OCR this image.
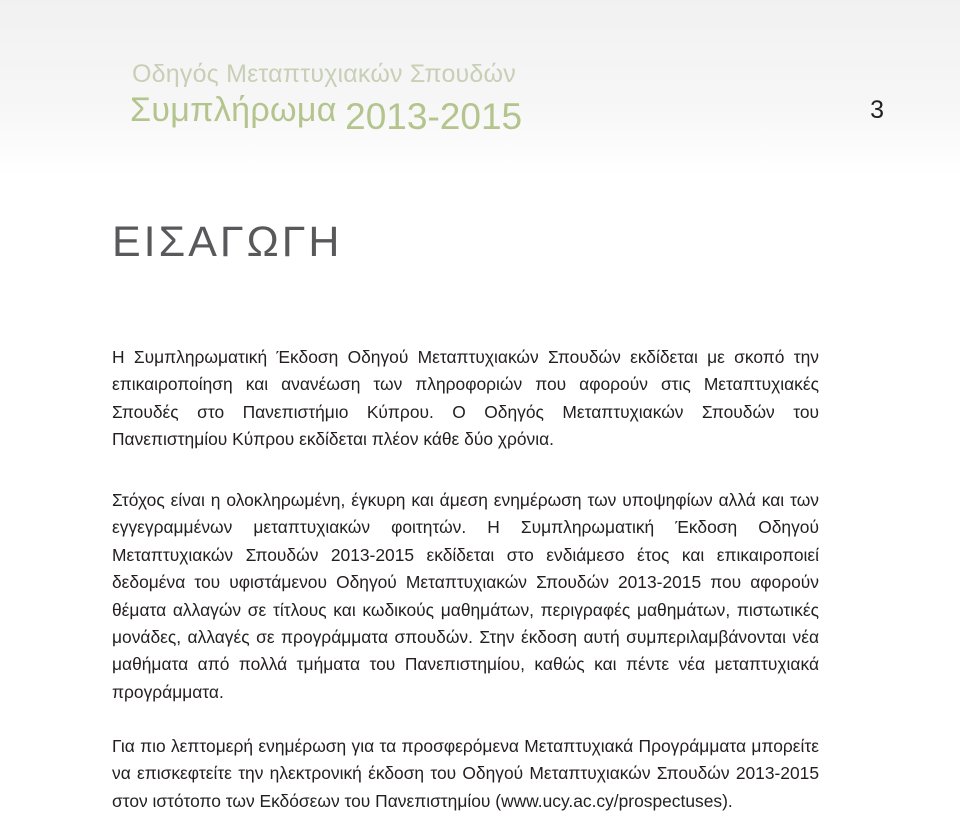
Οδηγός Μεταπτυχιακών Σπουδών
Συμπλήρωμα 2013-2015	3
ΕΙΣΑΓΩΓΗ

Η Συμπληρωματική Έκδοση Οδηγού Μεταπτυχιακών Σπουδών εκδίδεται με σκοπό την επικαιροποίηση και ανανέωση των πληροφοριών που αφορούν στις Μεταπτυχιακές Σπουδές στο Πανεπιστήμιο Κύπρου. Ο Οδηγός Μεταπτυχιακών Σπουδών του Πανεπιστημίου Κύπρου εκδίδεται πλέον κάθε δύο χρόνια.

Στόχος είναι η ολοκληρωμένη, έγκυρη και άμεση ενημέρωση των υποψηφίων αλλά και των εγγεγραμμένων μεταπτυχιακών φοιτητών. Η Συμπληρωματική Έκδοση Οδηγού Μεταπτυχιακών Σπουδών 2013-2015 εκδίδεται στο ενδιάμεσο έτος και επικαιροποιεί δεδομένα του υφιστάμενου Οδηγού Μεταπτυχιακών Σπουδών 2013-2015 που αφορούν θέματα αλλαγών σε τίτλους και κωδικούς μαθημάτων, περιγραφές μαθημάτων, πιστωτικές μονάδες, αλλαγές σε προγράμματα σπουδών. Στην έκδοση αυτή συμπεριλαμβάνονται νέα μαθήματα από πολλά τμήματα του Πανεπιστημίου, καθώς και πέντε νέα μεταπτυχιακά προγράμματα.

Για πιο λεπτομερή ενημέρωση για τα προσφερόμενα Μεταπτυχιακά Προγράμματα μπορείτε να επισκεφτείτε την ηλεκτρονική έκδοση του Οδηγού Μεταπτυχιακών Σπουδών 2013-2015 στον ιστότοπο των Εκδόσεων του Πανεπιστημίου (www.ucy.ac.cy/prospectuses).
